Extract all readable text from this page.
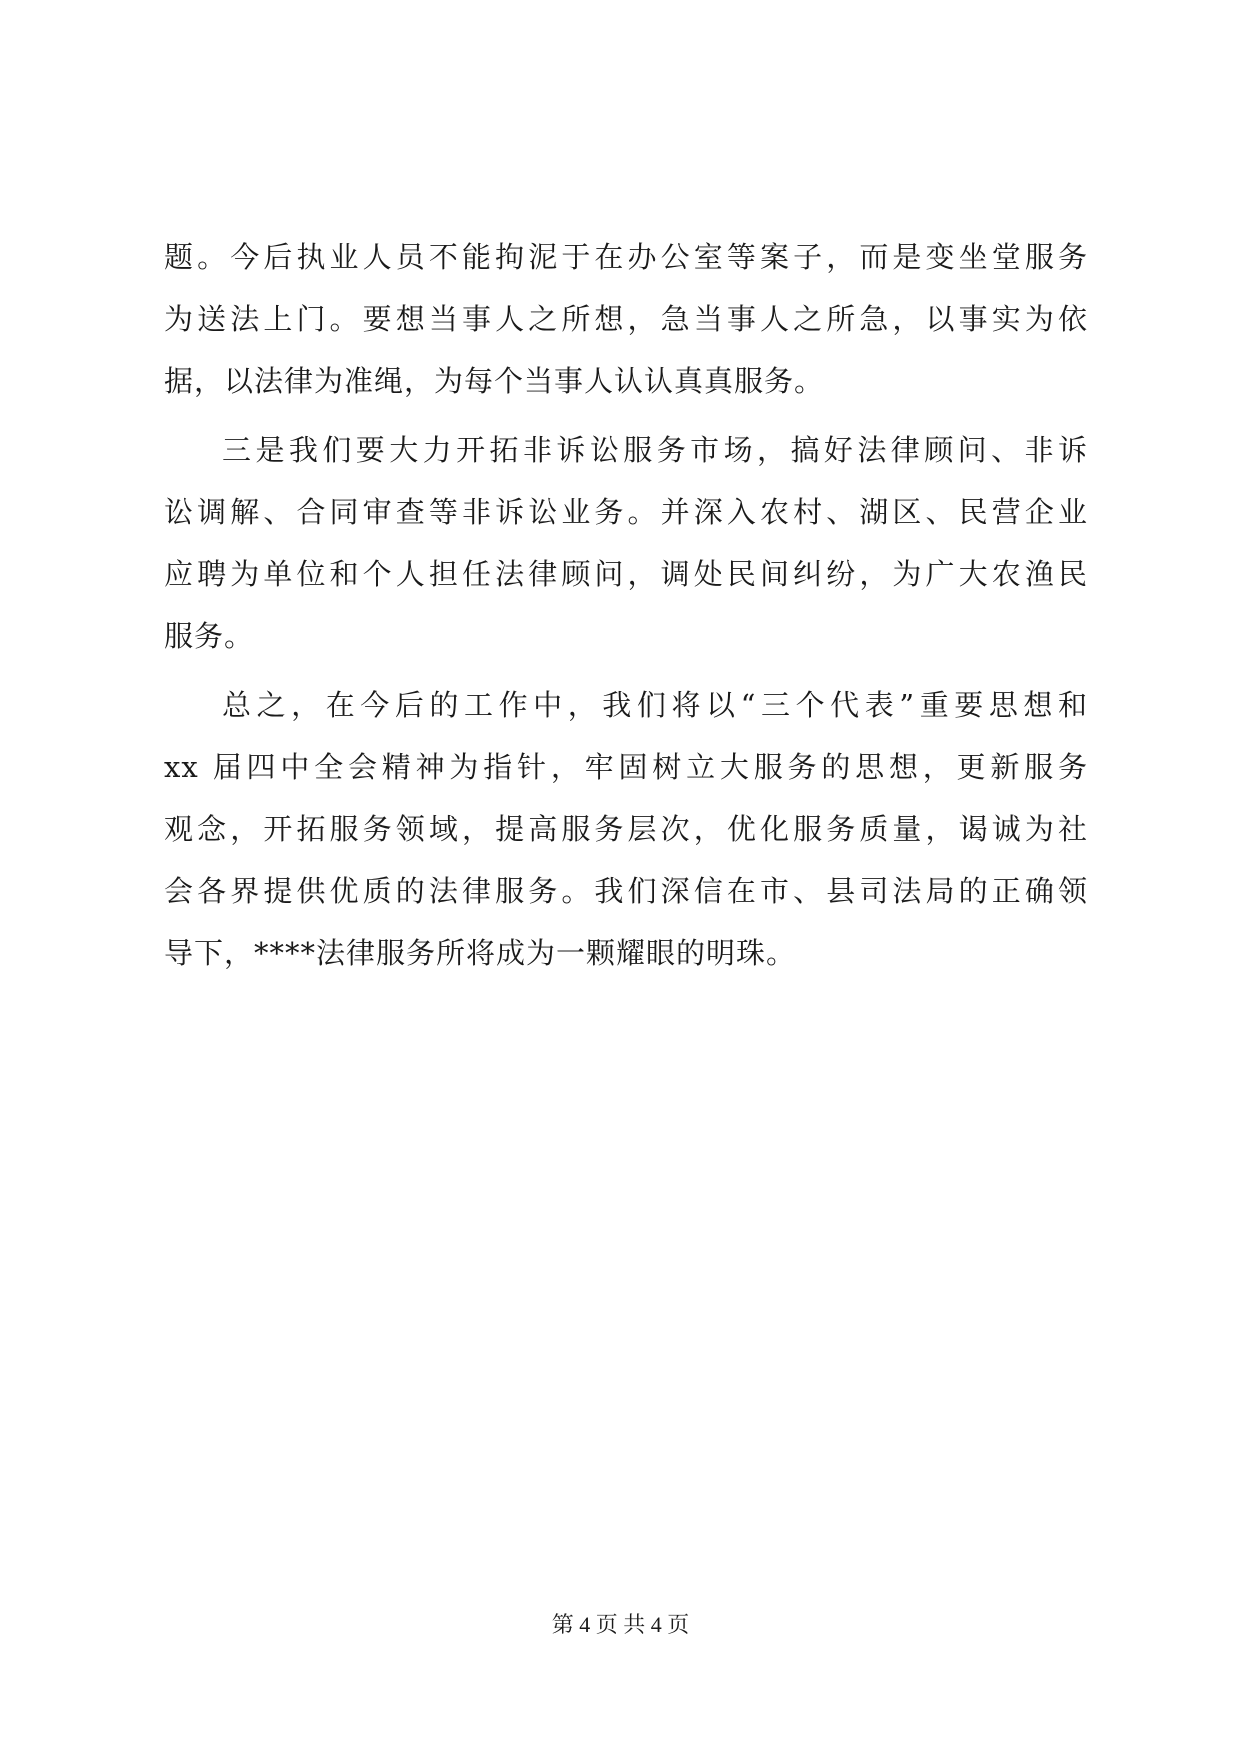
题。今后执业人员不能拘泥于在办公室等案子，而是变坐堂服务
为送法上门。要想当事人之所想，急当事人之所急，以事实为依
据，以法律为准绳，为每个当事人认认真真服务。
三是我们要大力开拓非诉讼服务市场，搞好法律顾问、非诉
讼调解、合同审查等非诉讼业务。并深入农村、湖区、民营企业
应聘为单位和个人担任法律顾问，调处民间纠纷，为广大农渔民
服务。
总之，在今后的工作中，我们将以“三个代表”重要思想和
xx 届四中全会精神为指针，牢固树立大服务的思想，更新服务
观念，开拓服务领域，提高服务层次，优化服务质量，谒诚为社
会各界提供优质的法律服务。我们深信在市、县司法局的正确领
导下，****法律服务所将成为一颗耀眼的明珠。
第 4 页 共 4 页
